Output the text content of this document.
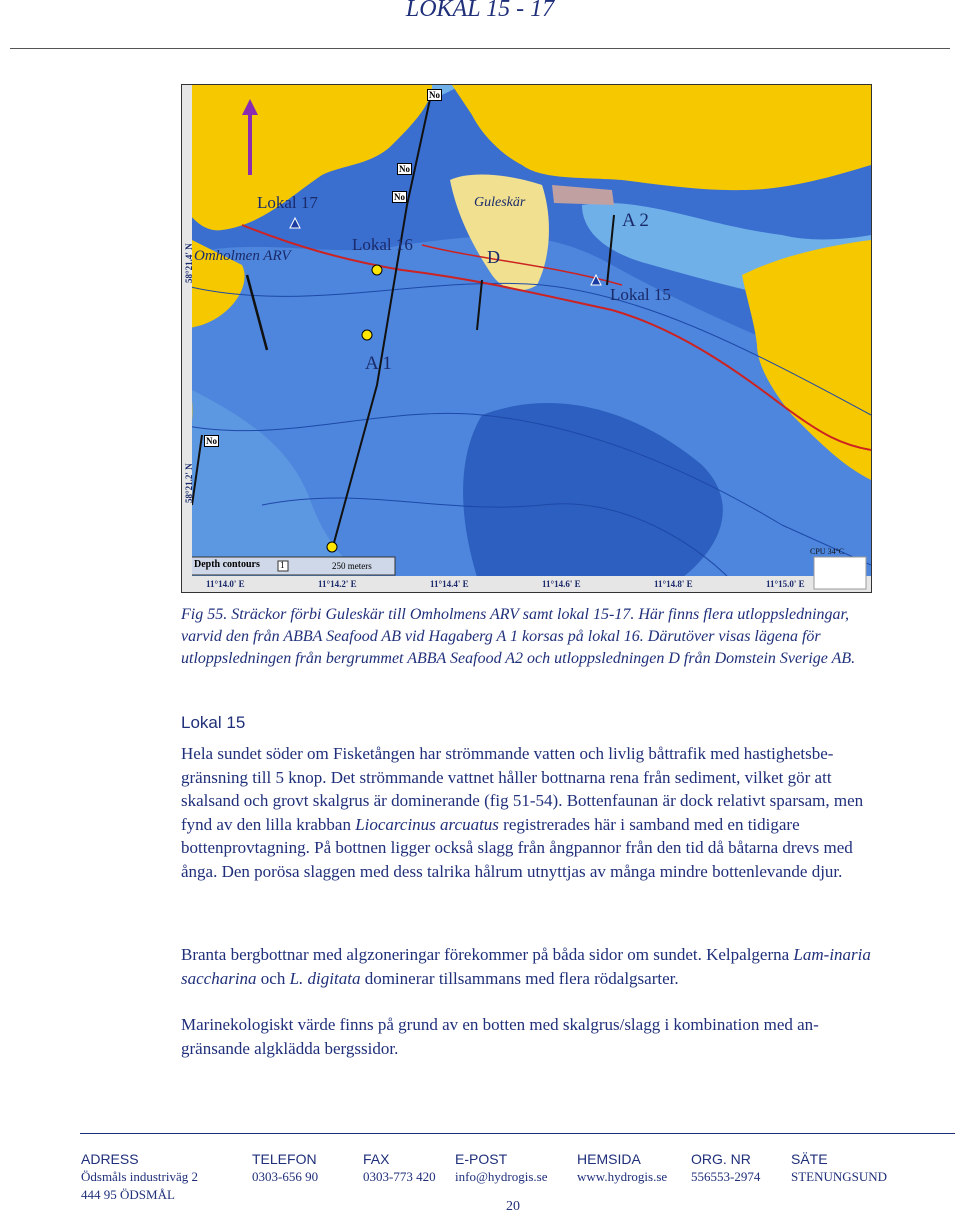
LOKAL 15 - 17
Lokal 17
Lokal 16
Lokal 15
Omholmen ARV
Guleskär
D
A 2
A 1
No
No
No
No
58°21.4' N
58°21.2' N
11°14.0' E	11°14.2' E	11°14.4' E	11°14.6' E	11°14.8' E	11°15.0' E
Depth contours 1	250 meters
CPU 34°C
Fig 55. Sträckor förbi Guleskär till Omholmens ARV samt lokal 15-17. Här finns flera utloppsledningar, varvid den från ABBA Seafood AB vid Hagaberg A 1 korsas på lokal 16. Därutöver visas lägena för utloppsledningen från bergrummet ABBA Seafood A2 och utloppsledningen D från Domstein Sverige AB.
Lokal 15

Hela sundet söder om Fisketången har strömmande vatten och livlig båttrafik med hastighetsbe-gränsning till 5 knop. Det strömmande vattnet håller bottnarna rena från sediment, vilket gör att skalsand och grovt skalgrus är dominerande (fig 51-54). Bottenfaunan är dock relativt sparsam, men fynd av den lilla krabban Liocarcinus arcuatus registrerades här i samband med en tidigare bottenprovtagning. På bottnen ligger också slagg från ångpannor från den tid då båtarna drevs med ånga. Den porösa slaggen med dess talrika hålrum utnyttjas av många mindre bottenlevande djur.

Branta bergbottnar med algzoneringar förekommer på båda sidor om sundet. Kelpalgerna Lam-inaria saccharina och L. digitata dominerar tillsammans med flera rödalgsarter.

Marinekologiskt värde finns på grund av en botten med skalgrus/slagg i kombination med an-gränsande algklädda bergssidor.

ADRESS
Ödsmåls industriväg 2
444 95 ÖDSMÅL
TELEFON
0303-656 90
FAX
0303-773 420
E-POST
info@hydrogis.se
HEMSIDA
www.hydrogis.se
ORG. NR
556553-2974
SÄTE
STENUNGSUND
20
